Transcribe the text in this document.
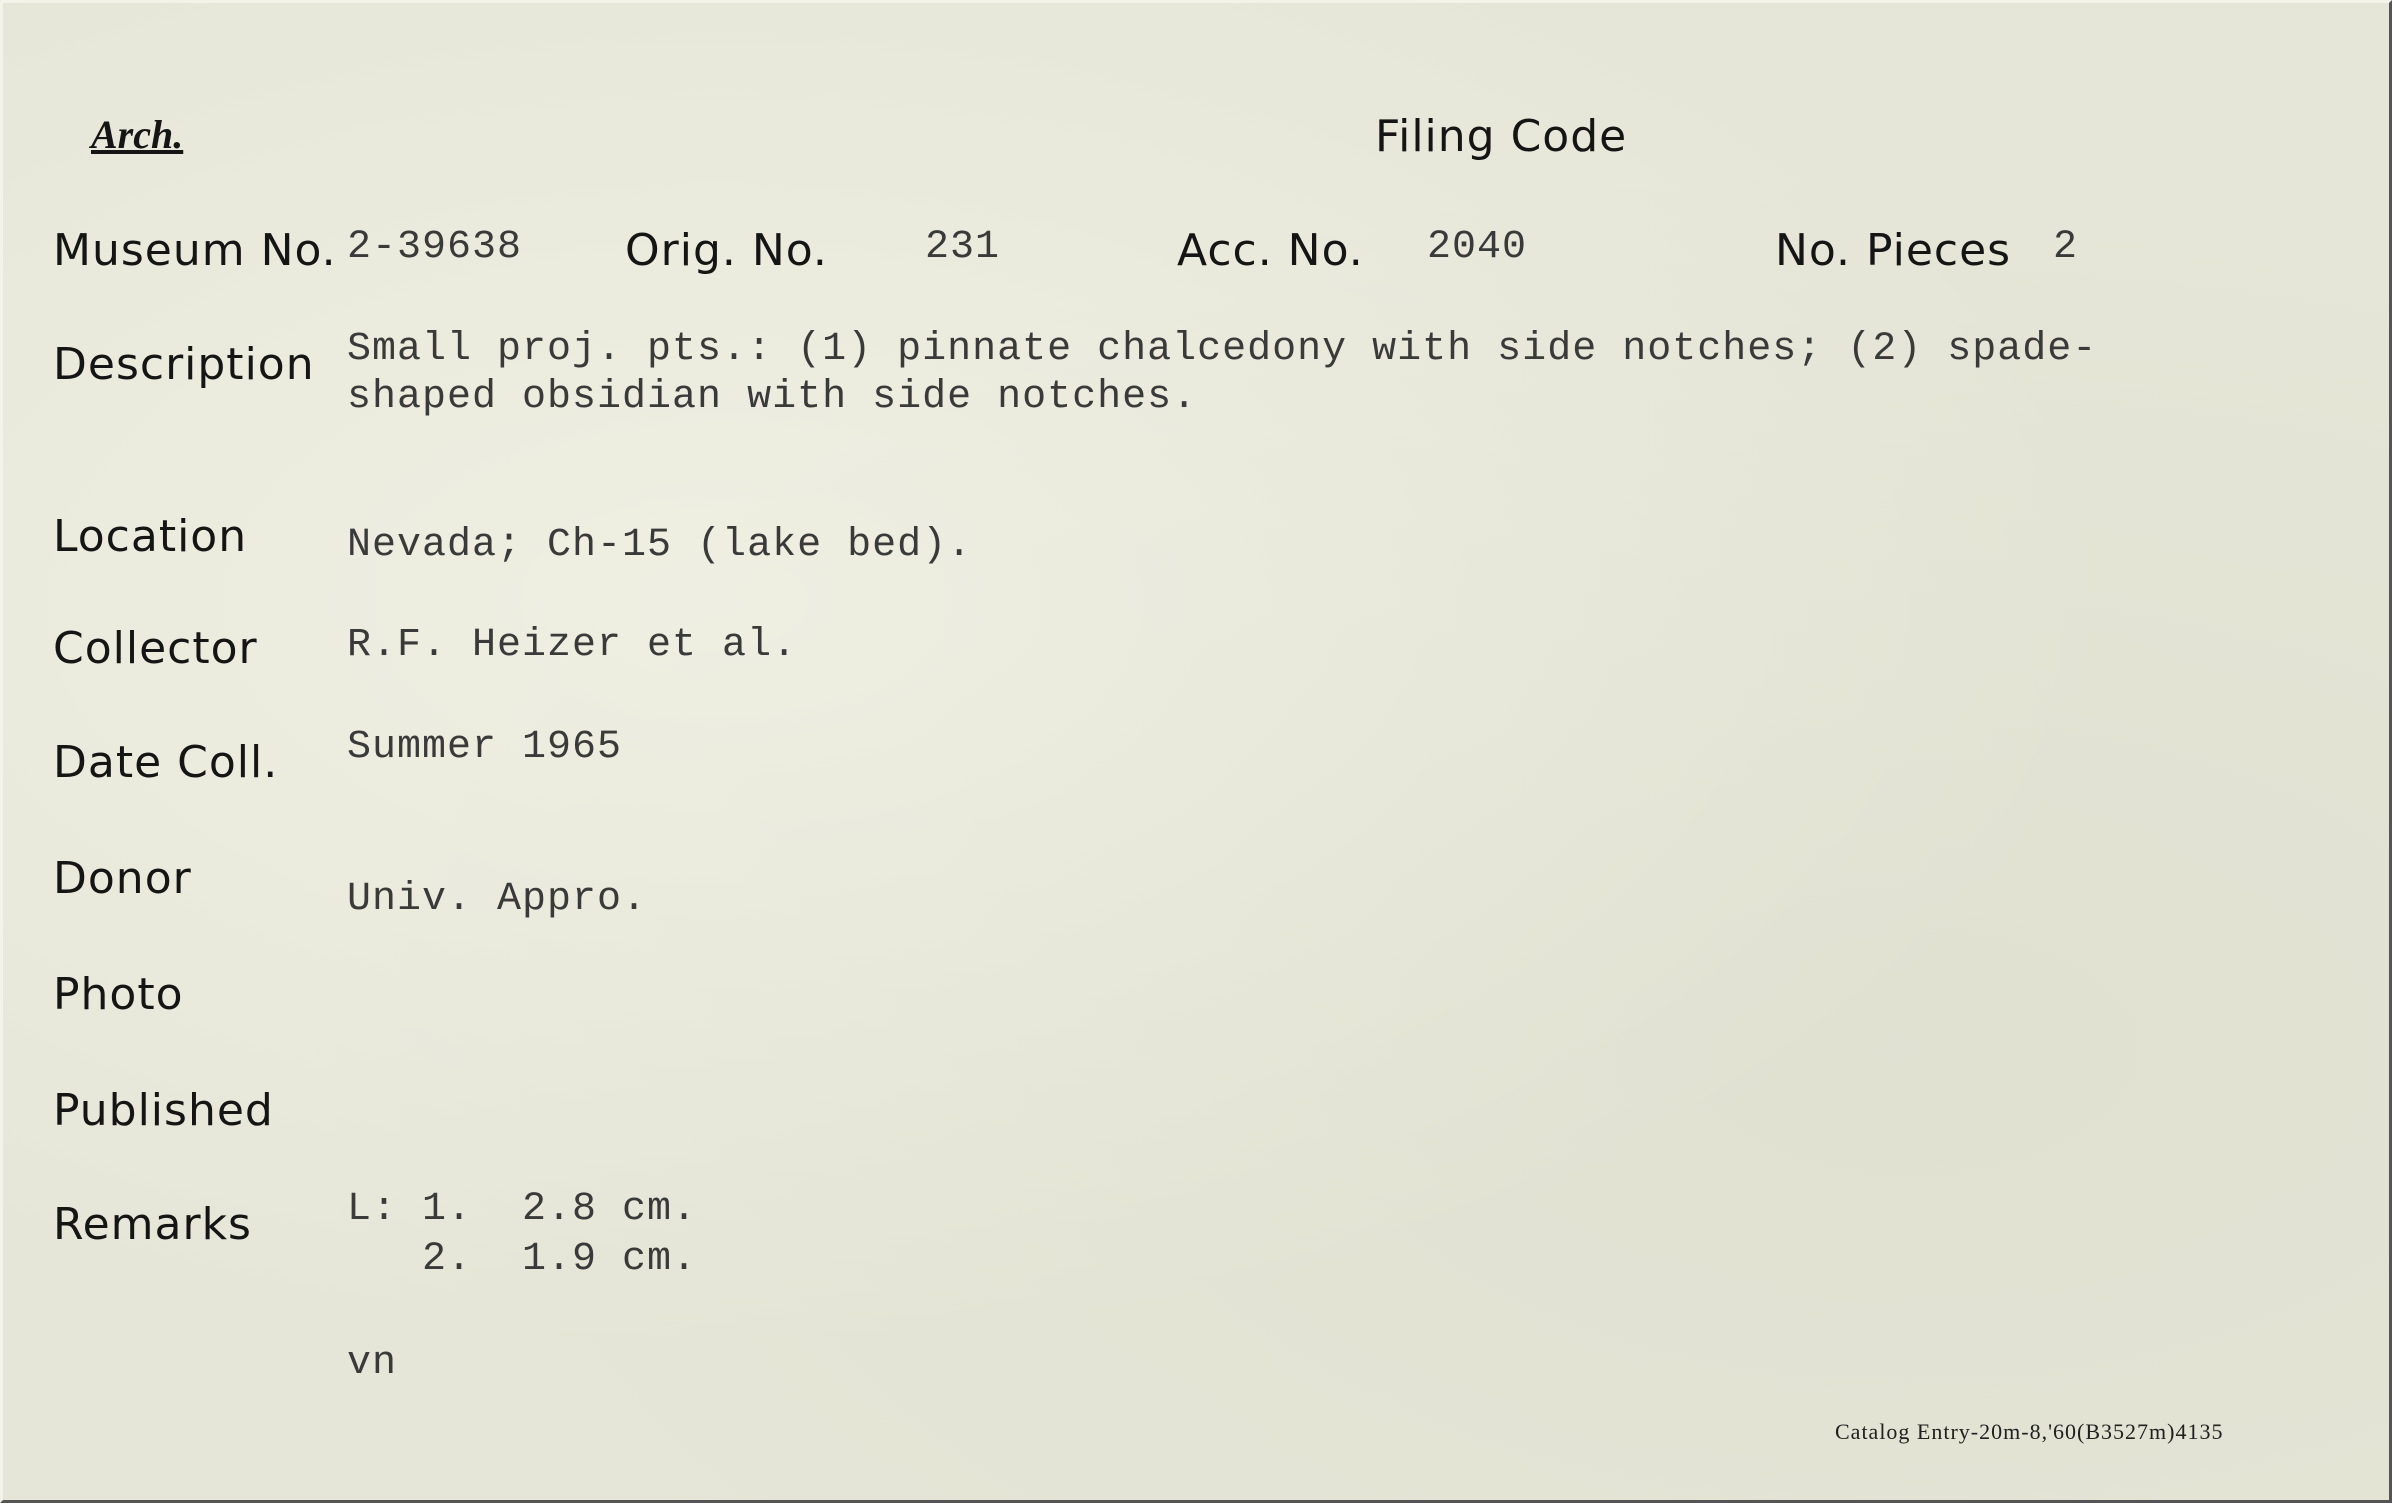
Arch.	Filing Code
Museum No. 2-39638 Orig. No. 231	Acc. No. 2040	No. Pieces 2
Description Small proj. pts.: (1) pinnate chalcedony with side notches; (2) spade-
shaped obsidian with side notches.
Location Nevada; Ch-15 (lake bed).
Collector R.F. Heizer et al.
Date Coll. Summer 1965
Donor	Univ. Appro.
Photo
Published
Remarks L: 1.  2.8 cm.
2.  1.9 cm.
vn
Catalog Entry-20m-8,'60(B3527m)4135
